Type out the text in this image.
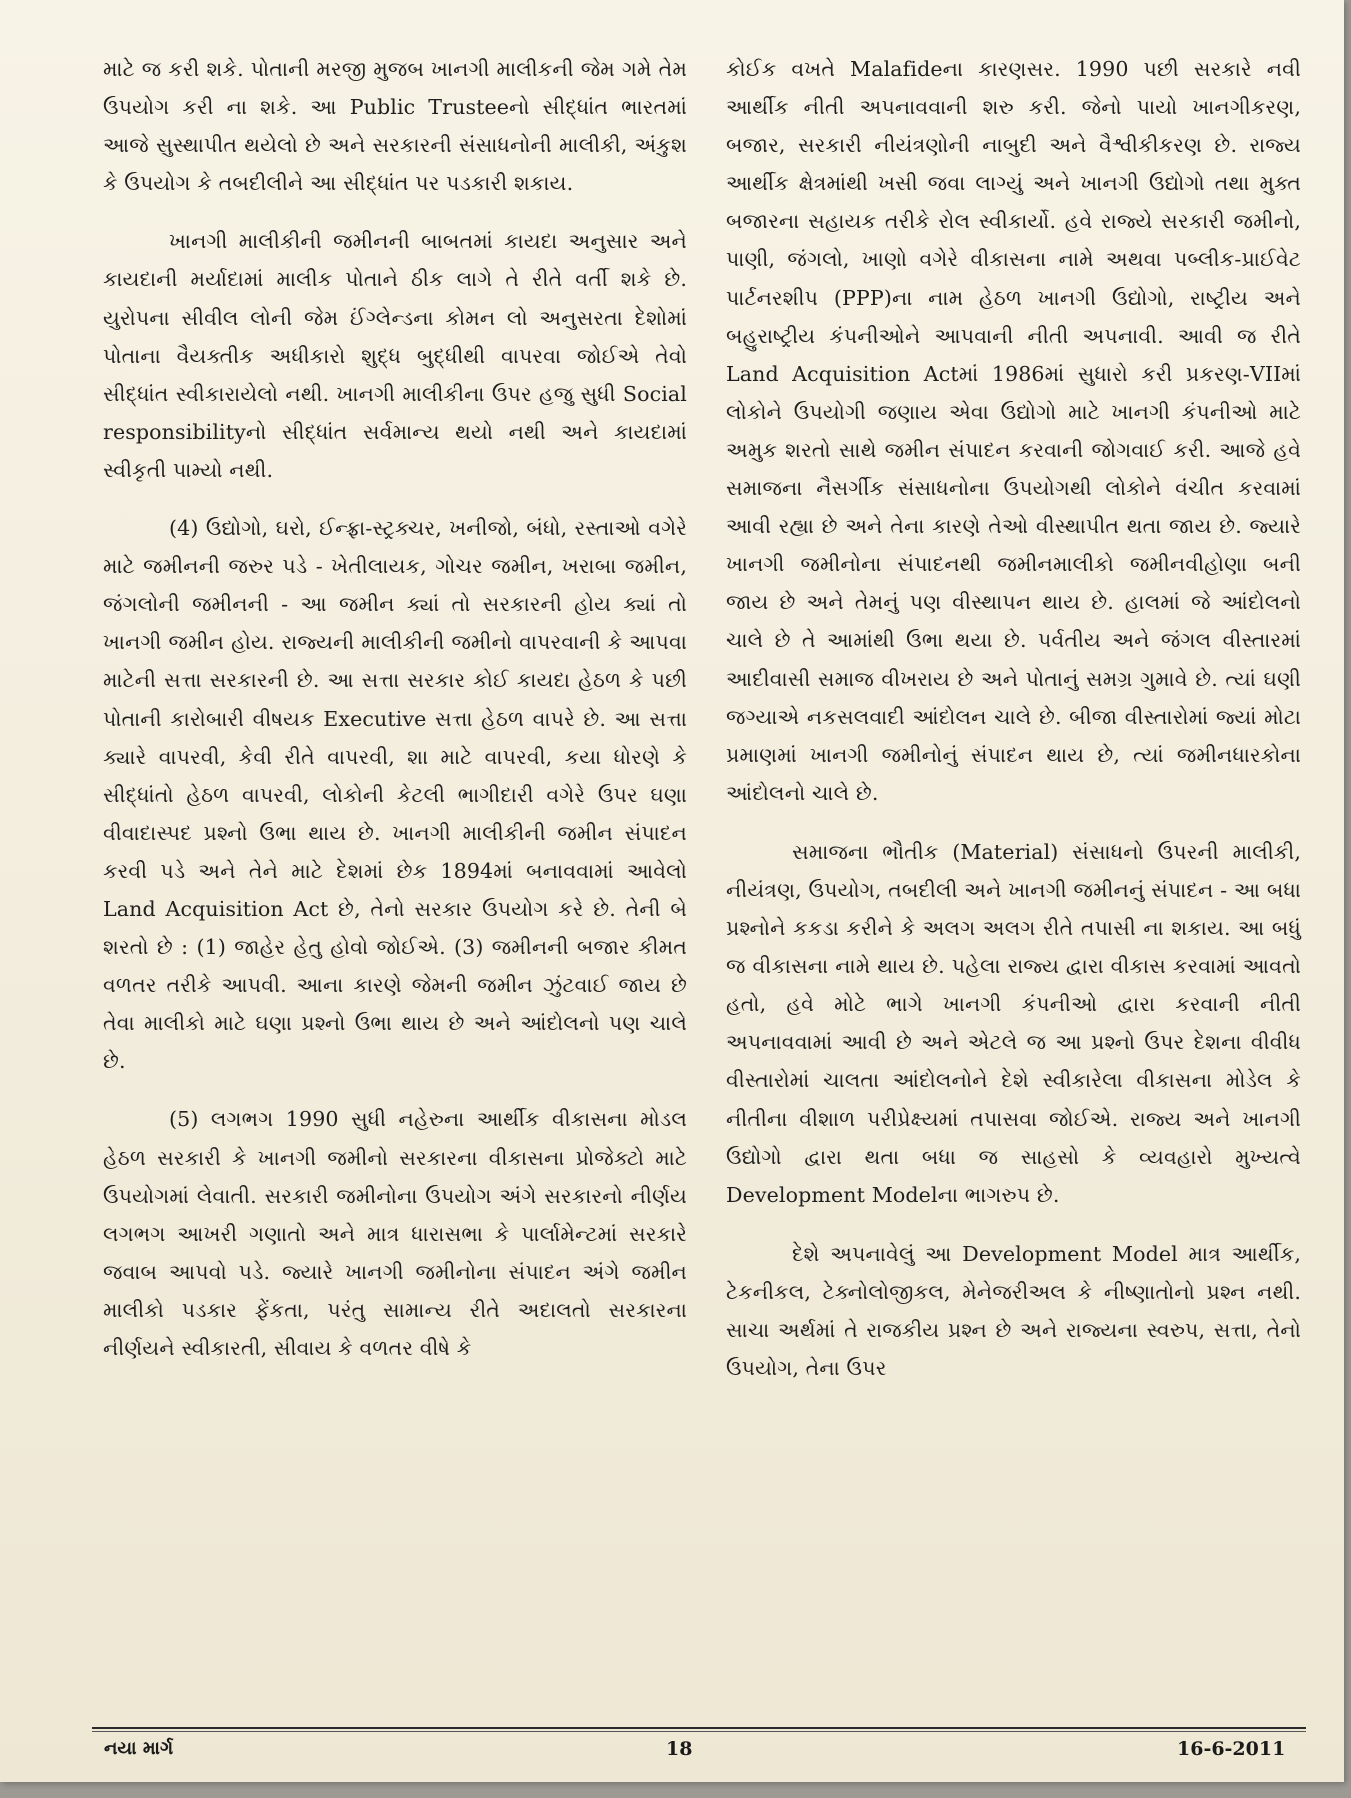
માટે જ કરી શકે. પોતાની મરજી મુજબ ખાનગી માલીકની જેમ ગમે તેમ ઉપયોગ કરી ના શકે. આ Public Trusteeનો સીદ્ધાંત ભારતમાં આજે સુસ્થાપીત થયેલો છે અને સરકારની સંસાધનોની માલીકી, અંકુશ કે ઉપયોગ કે તબદીલીને આ સીદ્ધાંત પર પડકારી શકાય.

ખાનગી માલીકીની જમીનની બાબતમાં કાયદા અનુસાર અને કાયદાની મર્યાદામાં માલીક પોતાને ઠીક લાગે તે રીતે વર્તી શકે છે. યુરોપના સીવીલ લોની જેમ ઈંગ્લેન્ડના કોમન લો અનુસરતા દેશોમાં પોતાના વૈયક્તીક અધીકારો શુદ્ધ બુદ્ધીથી વાપરવા જોઈએ તેવો સીદ્ધાંત સ્વીકારાયેલો નથી. ખાનગી માલીકીના ઉપર હજુ સુધી Social responsibilityનો સીદ્ધાંત સર્વમાન્ય થયો નથી અને કાયદામાં સ્વીકૃતી પામ્યો નથી.

(4) ઉદ્યોગો, ઘરો, ઈન્ફ્રા-સ્ટ્રક્ચર, ખનીજો, બંધો, રસ્તાઓ વગેરે માટે જમીનની જરુર પડે - ખેતીલાયક, ગોચર જમીન, ખરાબા જમીન, જંગલોની જમીનની - આ જમીન ક્યાં તો સરકારની હોય ક્યાં તો ખાનગી જમીન હોય. રાજ્યની માલીકીની જમીનો વાપરવાની કે આપવા માટેની સત્તા સરકારની છે. આ સત્તા સરકાર કોઈ કાયદા હેઠળ કે પછી પોતાની કારોબારી વીષયક Executive સત્તા હેઠળ વાપરે છે. આ સત્તા ક્યારે વાપરવી, કેવી રીતે વાપરવી, શા માટે વાપરવી, કયા ધોરણે કે સીદ્ધાંતો હેઠળ વાપરવી, લોકોની કેટલી ભાગીદારી વગેરે ઉપર ઘણા વીવાદાસ્પદ પ્રશ્નો ઉભા થાય છે. ખાનગી માલીકીની જમીન સંપાદન કરવી પડે અને તેને માટે દેશમાં છેક 1894માં બનાવવામાં આવેલો Land Acquisition Act છે, તેનો સરકાર ઉપયોગ કરે છે. તેની બે શરતો છે : (1) જાહેર હેતુ હોવો જોઈએ. (3) જમીનની બજાર કીમત વળતર તરીકે આપવી. આના કારણે જેમની જમીન ઝુંટવાઈ જાય છે તેવા માલીકો માટે ઘણા પ્રશ્નો ઉભા થાય છે અને આંદોલનો પણ ચાલે છે.

(5) લગભગ 1990 સુધી નહેરુના આર્થીક વીકાસના મોડલ હેઠળ સરકારી કે ખાનગી જમીનો સરકારના વીકાસના પ્રોજેક્ટો માટે ઉપયોગમાં લેવાતી. સરકારી જમીનોના ઉપયોગ અંગે સરકારનો નીર્ણય લગભગ આખરી ગણાતો અને માત્ર ધારાસભા કે પાર્લામેન્ટમાં સરકારે જવાબ આપવો પડે. જ્યારે ખાનગી જમીનોના સંપાદન અંગે જમીન માલીકો પડકાર ફેંકતા, પરંતુ સામાન્ય રીતે અદાલતો સરકારના નીર્ણયને સ્વીકારતી, સીવાય કે વળતર વીષે કે

કોઈક વખતે Malafideના કારણસર. 1990 પછી સરકારે નવી આર્થીક નીતી અપનાવવાની શરુ કરી. જેનો પાયો ખાનગીકરણ, બજાર, સરકારી નીયંત્રણોની નાબુદી અને વૈશ્વીકીકરણ છે. રાજ્ય આર્થીક ક્ષેત્રમાંથી ખસી જવા લાગ્યું અને ખાનગી ઉદ્યોગો તથા મુક્ત બજારના સહાયક તરીકે રોલ સ્વીકાર્યો. હવે રાજ્યે સરકારી જમીનો, પાણી, જંગલો, ખાણો વગેરે વીકાસના નામે અથવા પબ્લીક-પ્રાઈવેટ પાર્ટનરશીપ (PPP)ના નામ હેઠળ ખાનગી ઉદ્યોગો, રાષ્ટ્રીય અને બહુરાષ્ટ્રીય કંપનીઓને આપવાની નીતી અપનાવી. આવી જ રીતે Land Acquisition Actમાં 1986માં સુધારો કરી પ્રકરણ-VIIમાં લોકોને ઉપયોગી જણાય એવા ઉદ્યોગો માટે ખાનગી કંપનીઓ માટે અમુક શરતો સાથે જમીન સંપાદન કરવાની જોગવાઈ કરી. આજે હવે સમાજના નૈસર્ગીક સંસાધનોના ઉપયોગથી લોકોને વંચીત કરવામાં આવી રહ્યા છે અને તેના કારણે તેઓ વીસ્થાપીત થતા જાય છે. જ્યારે ખાનગી જમીનોના સંપાદનથી જમીનમાલીકો જમીનવીહોણા બની જાય છે અને તેમનું પણ વીસ્થાપન થાય છે. હાલમાં જે આંદોલનો ચાલે છે તે આમાંથી ઉભા થયા છે. પર્વતીય અને જંગલ વીસ્તારમાં આદીવાસી સમાજ વીખરાય છે અને પોતાનું સમગ્ર ગુમાવે છે. ત્યાં ઘણી જગ્યાએ નકસલવાદી આંદોલન ચાલે છે. બીજા વીસ્તારોમાં જ્યાં મોટા પ્રમાણમાં ખાનગી જમીનોનું સંપાદન થાય છે, ત્યાં જમીનધારકોના આંદોલનો ચાલે છે.

સમાજના ભૌતીક (Material) સંસાધનો ઉપરની માલીકી, નીયંત્રણ, ઉપયોગ, તબદીલી અને ખાનગી જમીનનું સંપાદન - આ બધા પ્રશ્નોને કકડા કરીને કે અલગ અલગ રીતે તપાસી ના શકાય. આ બધું જ વીકાસના નામે થાય છે. પહેલા રાજ્ય દ્વારા વીકાસ કરવામાં આવતો હતો, હવે મોટે ભાગે ખાનગી કંપનીઓ દ્વારા કરવાની નીતી અપનાવવામાં આવી છે અને એટલે જ આ પ્રશ્નો ઉપર દેશના વીવીધ વીસ્તારોમાં ચાલતા આંદોલનોને દેશે સ્વીકારેલા વીકાસના મોડેલ કે નીતીના વીશાળ પરીપ્રેક્ષ્યમાં તપાસવા જોઈએ. રાજ્ય અને ખાનગી ઉદ્યોગો દ્વારા થતા બધા જ સાહસો કે વ્યવહારો મુખ્યત્વે Development Modelના ભાગરુપ છે.

દેશે અપનાવેલું આ Development Model માત્ર આર્થીક, ટેકનીકલ, ટેક્નોલોજીકલ, મેનેજરીઅલ કે નીષ્ણાતોનો પ્રશ્ન નથી. સાચા અર્થમાં તે રાજકીય પ્રશ્ન છે અને રાજ્યના સ્વરુપ, સત્તા, તેનો ઉપયોગ, તેના ઉપર

નયા માર્ગ	18	16-6-2011
